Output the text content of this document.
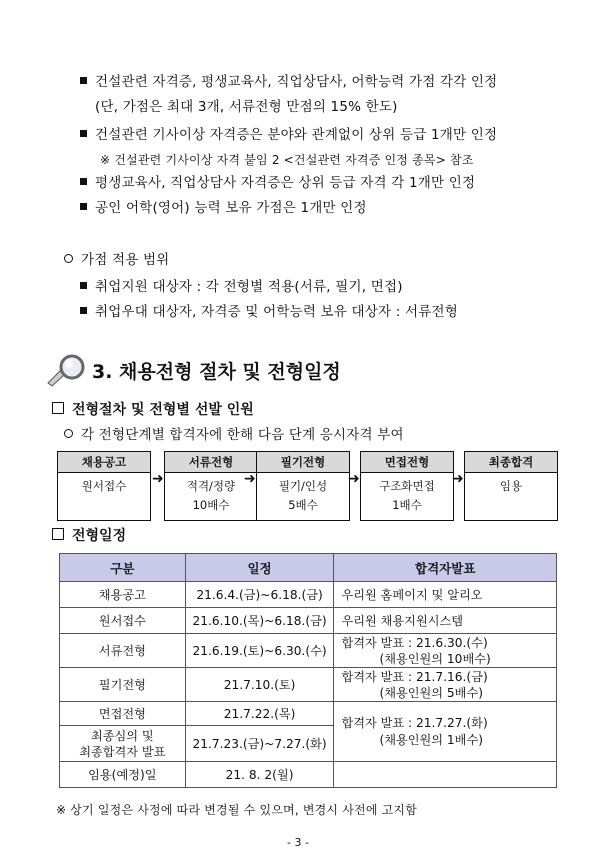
건설관련 자격증, 평생교육사, 직업상담사, 어학능력 가점 각각 인정
(단, 가점은 최대 3개, 서류전형 만점의 15% 한도)
건설관련 기사이상 자격증은 분야와 관계없이 상위 등급 1개만 인정
※ 건설관련 기사이상 자격 붙임 2 <건설관련 자격증 인정 종목> 참조
평생교육사, 직업상담사 자격증은 상위 등급 자격 각 1개만 인정
공인 어학(영어) 능력 보유 가점은 1개만 인정
가점 적용 범위
취업지원 대상자 : 각 전형별 적용(서류, 필기, 면접)
취업우대 대상자, 자격증 및 어학능력 보유 대상자 : 서류전형
3. 채용전형 절차 및 전형일정
전형절차 및 전형별 선발 인원
각 전형단계별 합격자에 한해 다음 단계 응시자격 부여
채용공고
원서접수	➜
서류전형
적격/정량
10배수
➜
필기전형
필기/인성
5배수
➜
면접전형
구조화면접
1배수
➜
최종합격
임용
전형일정
구분	일정	합격자발표
채용공고	21.6.4.(금)~6.18.(금)	우리원 홈페이지 및 알리오
원서접수	21.6.10.(목)~6.18.(금)	우리원 채용지원시스템
서류전형	21.6.19.(토)~6.30.(수)	합격자 발표 : 21.6.30.(수)
(채용인원의 10배수)

필기전형	21.7.10.(토)	합격자 발표 : 21.7.16.(금)
(채용인원의 5배수)

면접전형	21.7.22.(목)	합격자 발표 : 21.7.27.(화)
(채용인원의 1배수)

최종심의 및
최종합격자 발표	21.7.23.(금)~7.27.(화)	
임용(예정)일	21. 8. 2(월)	
※ 상기 일정은 사정에 따라 변경될 수 있으며, 변경시 사전에 고지함
- 3 -
